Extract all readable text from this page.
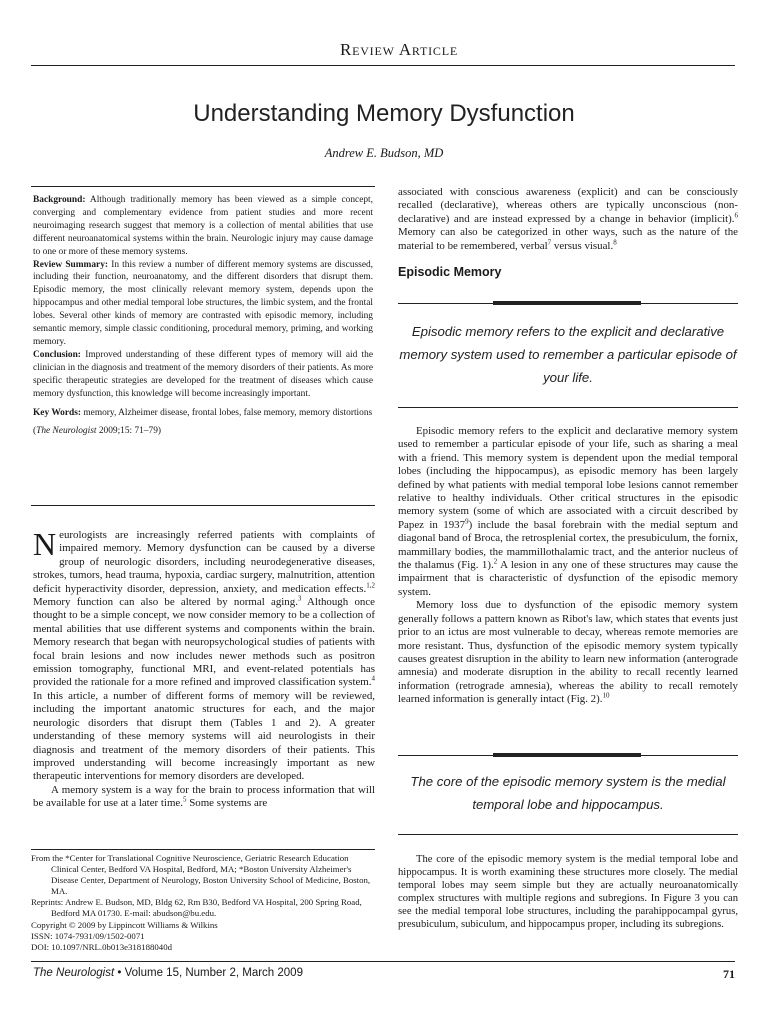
Review Article
Understanding Memory Dysfunction
Andrew E. Budson, MD

Background: Although traditionally memory has been viewed as a simple concept, converging and complementary evidence from patient studies and more recent neuroimaging research suggest that memory is a collection of mental abilities that use different neuroanatomical systems within the brain. Neurologic injury may cause damage to one or more of these memory systems.

Review Summary: In this review a number of different memory systems are discussed, including their function, neuroanatomy, and the different disorders that disrupt them. Episodic memory, the most clinically relevant memory system, depends upon the hippocampus and other medial temporal lobe structures, the limbic system, and the frontal lobes. Several other kinds of memory are contrasted with episodic memory, including semantic memory, simple classic conditioning, procedural memory, priming, and working memory.

Conclusion: Improved understanding of these different types of memory will aid the clinician in the diagnosis and treatment of the memory disorders of their patients. As more specific therapeutic strategies are developed for the treatment of diseases which cause memory dysfunction, this knowledge will become increasingly important.

Key Words: memory, Alzheimer disease, frontal lobes, false memory, memory distortions

(The Neurologist 2009;15: 71–79)

Neurologists are increasingly referred patients with complaints of impaired memory. Memory dysfunction can be caused by a diverse group of neurologic disorders, including neurodegenerative diseases, strokes, tumors, head trauma, hypoxia, cardiac surgery, malnutrition, attention deficit hyperactivity disorder, depression, anxiety, and medication effects.$^{1,2}$ Memory function can also be altered by normal aging.$^3$ Although once thought to be a simple concept, we now consider memory to be a collection of mental abilities that use different systems and components within the brain. Memory research that began with neuropsychological studies of patients with focal brain lesions and now includes newer methods such as positron emission tomography, functional MRI, and event-related potentials has provided the rationale for a more refined and improved classification system.$^4$ In this article, a number of different forms of memory will be reviewed, including the important anatomic structures for each, and the major neurologic disorders that disrupt them (Tables 1 and 2). A greater understanding of these memory systems will aid neurologists in their diagnosis and treatment of the memory disorders of their patients. This improved understanding will become increasingly important as new therapeutic interventions for memory disorders are developed.

A memory system is a way for the brain to process information that will be available for use at a later time.$^5$ Some systems are

From the *Center for Translational Cognitive Neuroscience, Geriatric Research Education Clinical Center, Bedford VA Hospital, Bedford, MA; *Boston University Alzheimer's Disease Center, Department of Neurology, Boston University School of Medicine, Boston, MA.

Reprints: Andrew E. Budson, MD, Bldg 62, Rm B30, Bedford VA Hospital, 200 Spring Road, Bedford MA 01730. E-mail: abudson@bu.edu.

Copyright © 2009 by Lippincott Williams & Wilkins

ISSN: 1074-7931/09/1502-0071

DOI: 10.1097/NRL.0b013e318188040d

associated with conscious awareness (explicit) and can be consciously recalled (declarative), whereas others are typically unconscious (non-declarative) and are instead expressed by a change in behavior (implicit).$^6$ Memory can also be categorized in other ways, such as the nature of the material to be remembered, verbal$^7$ versus visual.$^8$

Episodic Memory
Episodic memory refers to the explicit and declarative memory system used to remember a particular episode of your life.

Episodic memory refers to the explicit and declarative memory system used to remember a particular episode of your life, such as sharing a meal with a friend. This memory system is dependent upon the medial temporal lobes (including the hippocampus), as episodic memory has been largely defined by what patients with medial temporal lobe lesions cannot remember relative to healthy individuals. Other critical structures in the episodic memory system (some of which are associated with a circuit described by Papez in 1937$^9$) include the basal forebrain with the medial septum and diagonal band of Broca, the retrosplenial cortex, the presubiculum, the fornix, mammillary bodies, the mammillothalamic tract, and the anterior nucleus of the thalamus (Fig. 1).$^2$ A lesion in any one of these structures may cause the impairment that is characteristic of dysfunction of the episodic memory system.

Memory loss due to dysfunction of the episodic memory system generally follows a pattern known as Ribot's law, which states that events just prior to an ictus are most vulnerable to decay, whereas remote memories are more resistant. Thus, dysfunction of the episodic memory system typically causes greatest disruption in the ability to learn new information (anterograde amnesia) and moderate disruption in the ability to recall recently learned information (retrograde amnesia), whereas the ability to recall remotely learned information is generally intact (Fig. 2).$^{10}$

The core of the episodic memory system is the medial temporal lobe and hippocampus.

The core of the episodic memory system is the medial temporal lobe and hippocampus. It is worth examining these structures more closely. The medial temporal lobes may seem simple but they are actually neuroanatomically complex structures with multiple regions and subregions. In Figure 3 you can see the medial temporal lobe structures, including the parahippocampal gyrus, presubiculum, subiculum, and hippocampus proper, including its subregions.

The Neurologist • Volume 15, Number 2, March 2009	71
